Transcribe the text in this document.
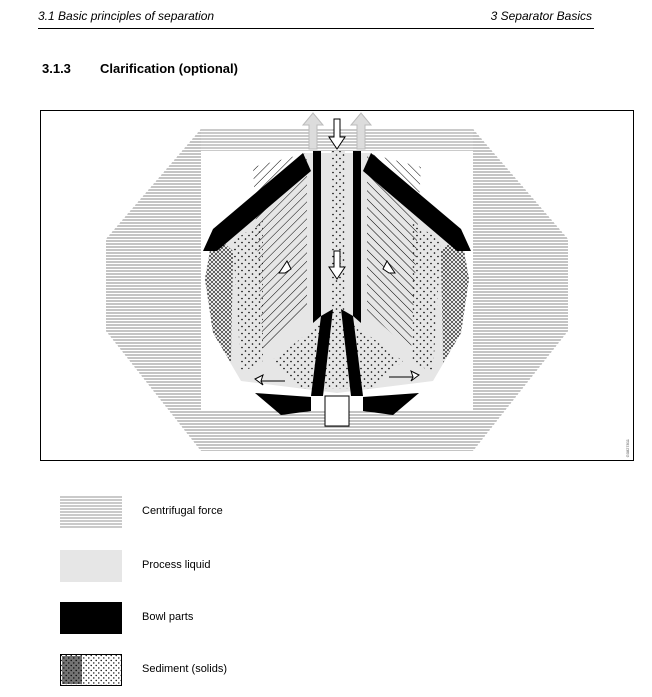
3.1 Basic principles of separation	3 Separator Basics
3.1.3 Clarification (optional)
G0827811
Centrifugal force
Process liquid
Bowl parts
Sediment (solids)
